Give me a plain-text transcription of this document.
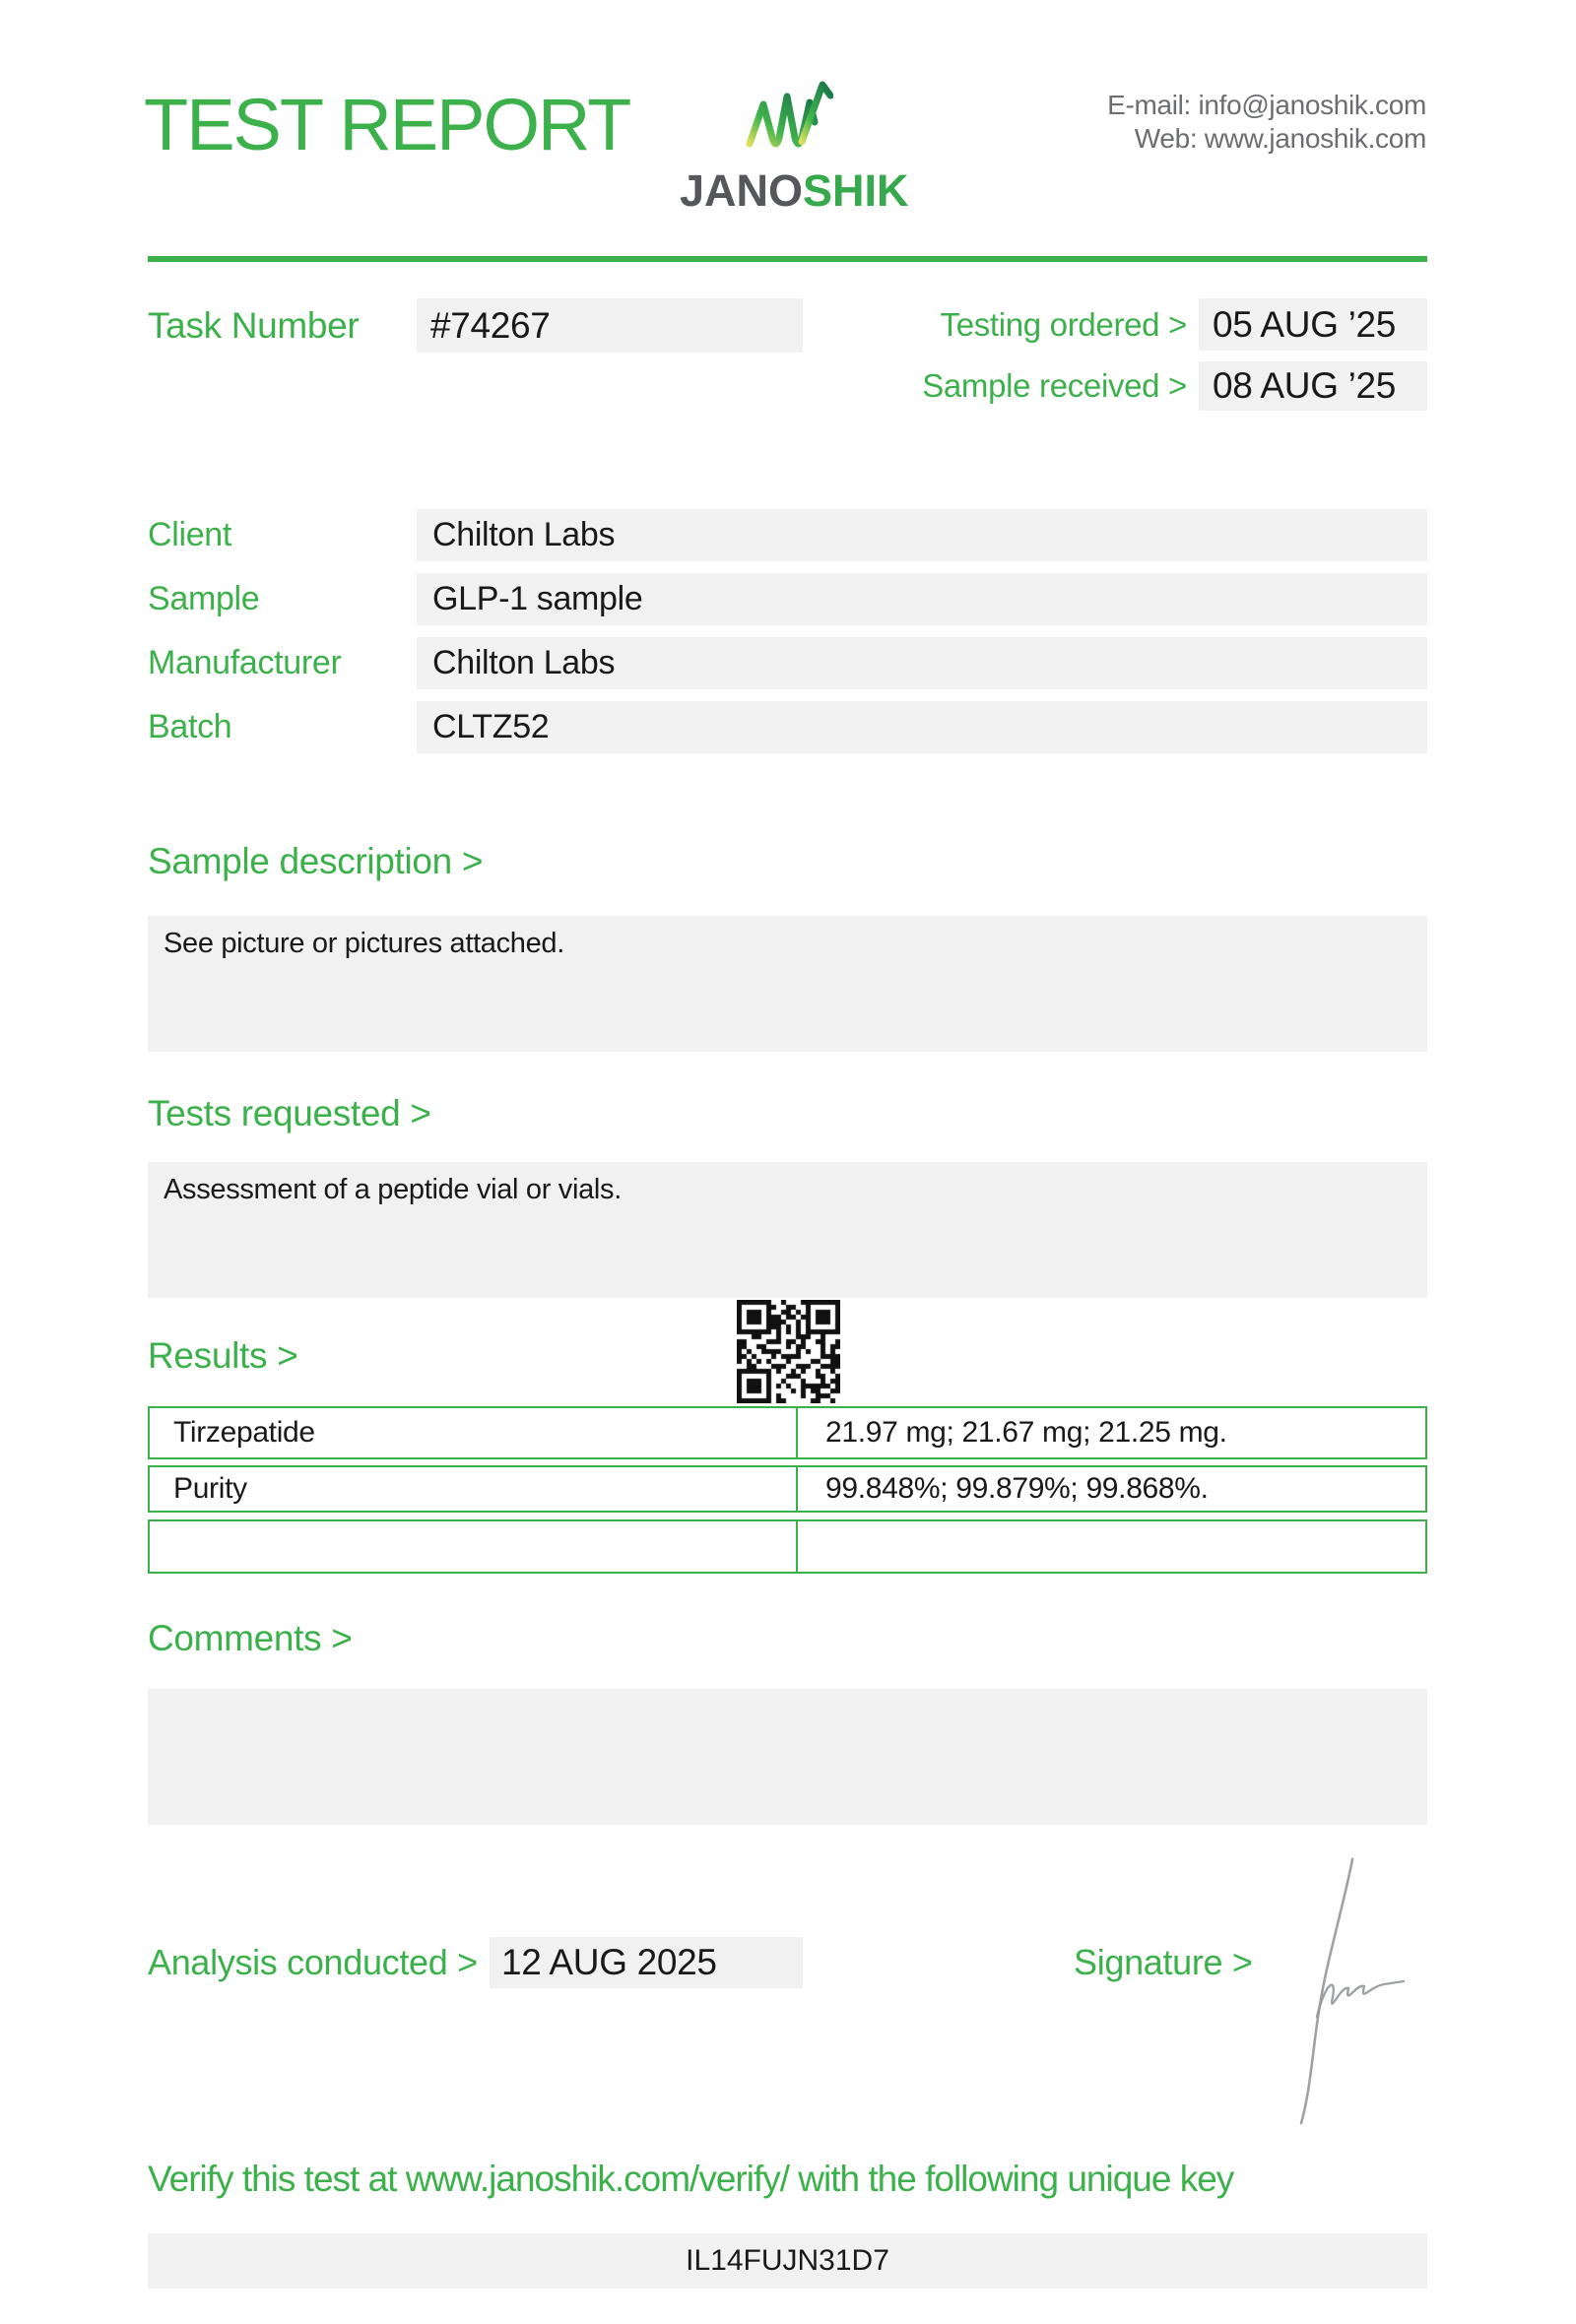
TEST REPORT
JANOSHIK
E-mail: info@janoshik.com
Web: www.janoshik.com
Task Number	#74267	Testing ordered > 05 AUG ’25
Sample received > 08 AUG ’25
Client	Chilton Labs
Sample	GLP-1 sample
Manufacturer	Chilton Labs
Batch	CLTZ52
Sample description >
See picture or pictures attached.
Tests requested >
Assessment of a peptide vial or vials.
Results >
Tirzepatide	21.97 mg; 21.67 mg; 21.25 mg.
Purity	99.848%; 99.879%; 99.868%.
Comments >
Analysis conducted > 12 AUG 2025	Signature >
Verify this test at www.janoshik.com/verify/ with the following unique key
IL14FUJN31D7
